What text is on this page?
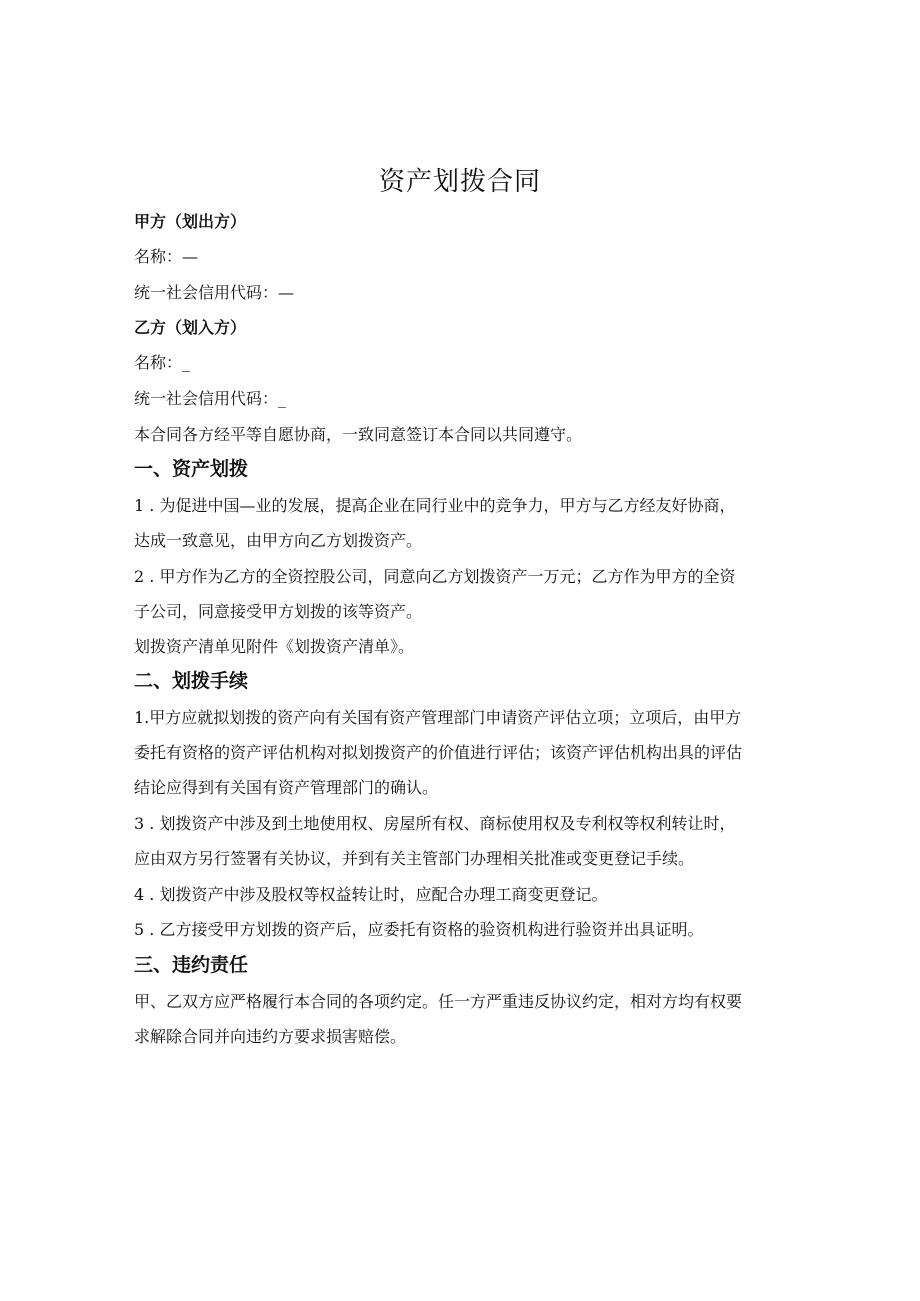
资产划拨合同
甲方（划出方）
名称：—
统一社会信用代码：—
乙方（划入方）
名称：_
统一社会信用代码：_
本合同各方经平等自愿协商，一致同意签订本合同以共同遵守。
一、资产划拨
1 . 为促进中国—业的发展，提高企业在同行业中的竞争力，甲方与乙方经友好协商，
达成一致意见，由甲方向乙方划拨资产。
2 . 甲方作为乙方的全资控股公司，同意向乙方划拨资产一万元；乙方作为甲方的全资
子公司，同意接受甲方划拨的该等资产。
划拨资产清单见附件《划拨资产清单》。
二、划拨手续
1.甲方应就拟划拨的资产向有关国有资产管理部门申请资产评估立项；立项后，由甲方
委托有资格的资产评估机构对拟划拨资产的价值进行评估；该资产评估机构出具的评估
结论应得到有关国有资产管理部门的确认。
3 . 划拨资产中涉及到土地使用权、房屋所有权、商标使用权及专利权等权利转让时，
应由双方另行签署有关协议，并到有关主管部门办理相关批准或变更登记手续。
4 . 划拨资产中涉及股权等权益转让时，应配合办理工商变更登记。
5 . 乙方接受甲方划拨的资产后，应委托有资格的验资机构进行验资并出具证明。
三、违约责任
甲、乙双方应严格履行本合同的各项约定。任一方严重违反协议约定，相对方均有权要
求解除合同并向违约方要求损害赔偿。
